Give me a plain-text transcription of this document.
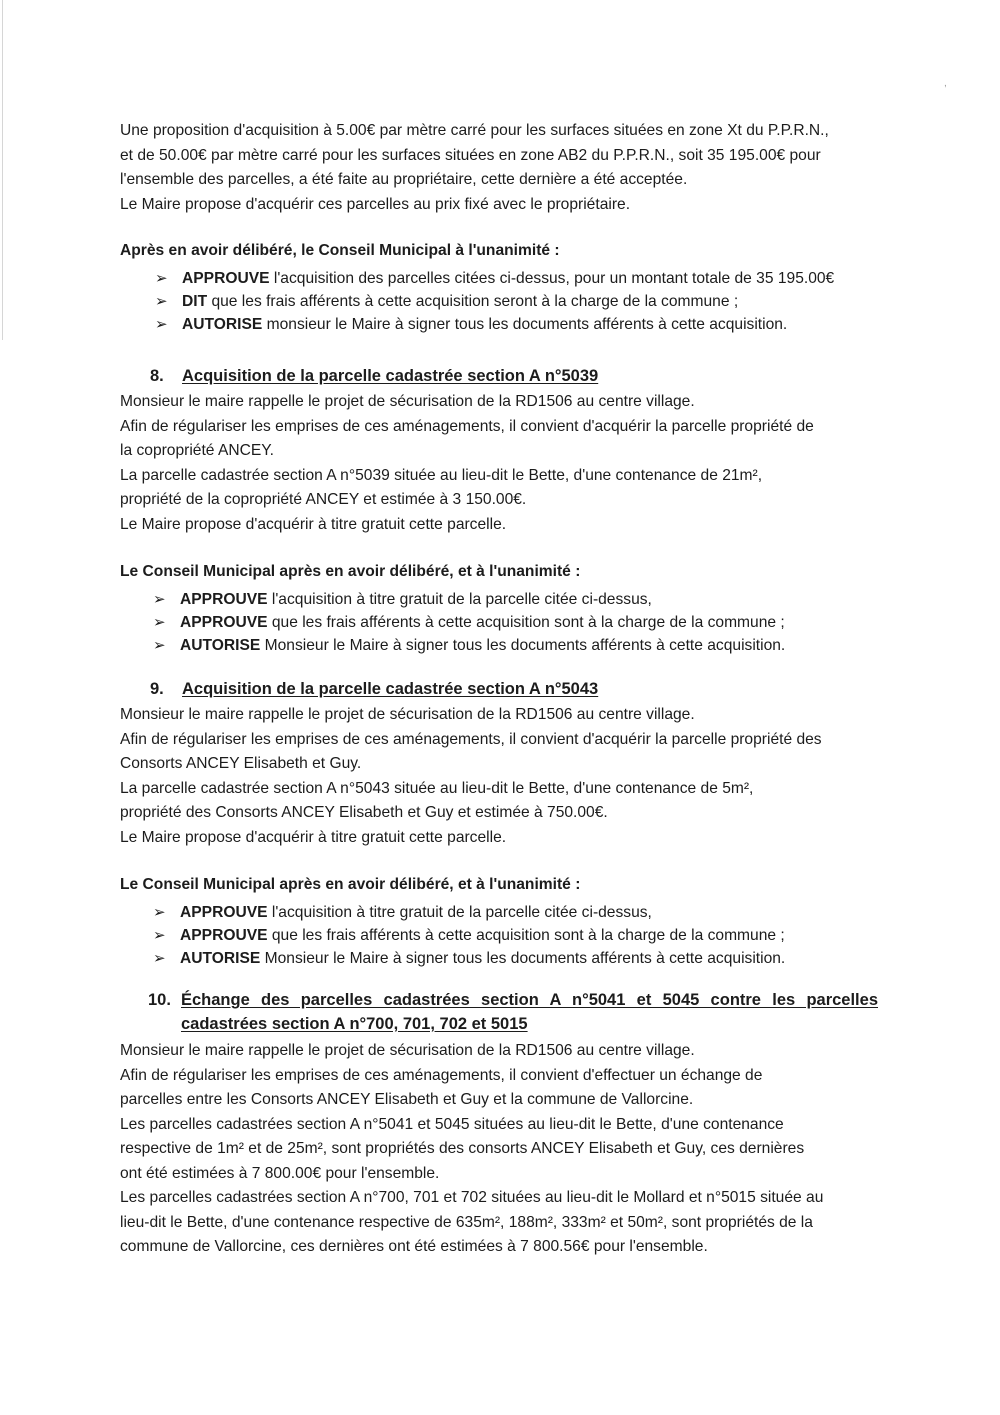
,

Une proposition d'acquisition à 5.00€ par mètre carré pour les surfaces situées en zone Xt du P.P.R.N.,
et de 50.00€ par mètre carré pour les surfaces situées en zone AB2 du P.P.R.N., soit 35 195.00€ pour
l'ensemble des parcelles, a été faite au propriétaire, cette dernière a été acceptée.
Le Maire propose d'acquérir ces parcelles au prix fixé avec le propriétaire.

Après en avoir délibéré, le Conseil Municipal à l'unanimité :

➢ APPROUVE l'acquisition des parcelles citées ci-dessus, pour un montant totale de 35 195.00€
➢ DIT que les frais afférents à cette acquisition seront à la charge de la commune ;
➢ AUTORISE monsieur le Maire à signer tous les documents afférents à cette acquisition.
8. Acquisition de la parcelle cadastrée section A n°5039

Monsieur le maire rappelle le projet de sécurisation de la RD1506 au centre village.
Afin de régulariser les emprises de ces aménagements, il convient d'acquérir la parcelle propriété de
la copropriété ANCEY.
La parcelle cadastrée section A n°5039 située au lieu-dit le Bette, d'une contenance de 21m²,
propriété de la copropriété ANCEY et estimée à 3 150.00€.
Le Maire propose d'acquérir à titre gratuit cette parcelle.

Le Conseil Municipal après en avoir délibéré, et à l'unanimité :

➢ APPROUVE l'acquisition à titre gratuit de la parcelle citée ci-dessus,
➢ APPROUVE que les frais afférents à cette acquisition sont à la charge de la commune ;
➢ AUTORISE Monsieur le Maire à signer tous les documents afférents à cette acquisition.
9. Acquisition de la parcelle cadastrée section A n°5043

Monsieur le maire rappelle le projet de sécurisation de la RD1506 au centre village.
Afin de régulariser les emprises de ces aménagements, il convient d'acquérir la parcelle propriété des
Consorts ANCEY Elisabeth et Guy.
La parcelle cadastrée section A n°5043 située au lieu-dit le Bette, d'une contenance de 5m²,
propriété des Consorts ANCEY Elisabeth et Guy et estimée à 750.00€.
Le Maire propose d'acquérir à titre gratuit cette parcelle.

Le Conseil Municipal après en avoir délibéré, et à l'unanimité :

➢ APPROUVE l'acquisition à titre gratuit de la parcelle citée ci-dessus,
➢ APPROUVE que les frais afférents à cette acquisition sont à la charge de la commune ;
➢ AUTORISE Monsieur le Maire à signer tous les documents afférents à cette acquisition.
10. Échange des parcelles cadastrées section A n°5041 et 5045 contre les parcelles cadastrées section A n°700, 701, 702 et 5015

Monsieur le maire rappelle le projet de sécurisation de la RD1506 au centre village.
Afin de régulariser les emprises de ces aménagements, il convient d'effectuer un échange de
parcelles entre les Consorts ANCEY Elisabeth et Guy et la commune de Vallorcine.
Les parcelles cadastrées section A n°5041 et 5045 situées au lieu-dit le Bette, d'une contenance
respective de 1m² et de 25m², sont propriétés des consorts ANCEY Elisabeth et Guy, ces dernières
ont été estimées à 7 800.00€ pour l'ensemble.
Les parcelles cadastrées section A n°700, 701 et 702 situées au lieu-dit le Mollard et n°5015 située au
lieu-dit le Bette, d'une contenance respective de 635m², 188m², 333m² et 50m², sont propriétés de la
commune de Vallorcine, ces dernières ont été estimées à 7 800.56€ pour l'ensemble.
